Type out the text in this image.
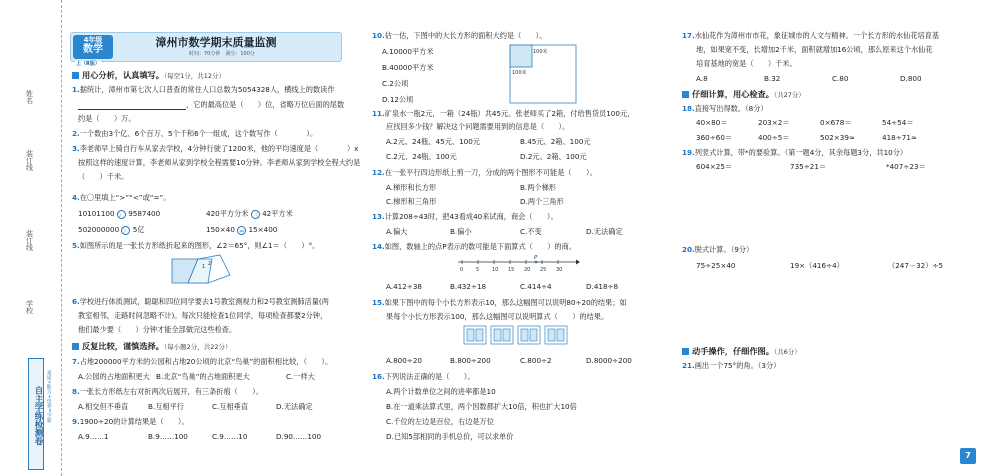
姓名
装订线
装订线
学校
自主学练检测卷 素质+能力+优秀=学霸
4年级
数学
上（R版）
漳州市数学期末质量监测
时间：70分钟　满分：100分
用心分析，认真填写。（每空1分，共12分）
1.据统计，漳州市第七次人口普查的常住人口总数为5054328人，横线上的数读作
，它的最高位是（　　）位，省略万位后面的尾数
约是（　　）万。
2.一个数由3个亿、6个百万、5个千和6个一组成，这个数写作（　　　　）。
3.李老师早上骑自行车从家去学校，4分钟行驶了1200米，他的平均速度是（　　　　）x
按照这样的速度计算，李老师从家到学校全程需要10分钟。李老师从家到学校全程大约是
（　　）千米。
4.在〇里填上“>”“<”或“=”。
10101100 〉 9587400	420平方分米 〈 42平方米
502000000 〉 5亿	150×40 = 15×400
5.如图所示的是一张长方形纸折起来的图形，∠2＝65°，则∠1＝（　　）°。
1 2
6.学校进行体质测试，聪聪和四位同学要去1号教室测视力和2号教室测肺活量(两
教室相邻，走路时间忽略不计)。每次只能检查1位同学，每项检查都要2分钟，
他们最少要（　　）分钟才能全部做完这些检查。
反复比较，谨慎选择。（每小题2分，共22分）
7.占地200000平方米的公园和占地20公顷的北京“鸟巢”的面积相比较，（　　）。
A.公园的占地面积更大 B.北京“鸟巢”的占地面积更大	C.一样大
8.一张长方形纸左右对折两次后展开，有三条折痕（　　）。
A.相交但不垂直	B.互相平行	C.互相垂直	D.无法确定
9.1900÷20的计算结果是（　　）。
A.9……1	B.9……100	C.9……10	D.90……100
10.估一估，下图中的大长方形的面积大约是（　　）。
A.10000平方米
B.40000平方米
C.2公顷
D.12公顷
100米
100米
11.矿泉水一瓶2元，一箱（24瓶）共45元。张老师买了2箱，付给售货员100元，
应找回多少钱？解决这个问题需要用到的信息是（　　）。
A.2元、24瓶、45元、100元	B.45元、2箱、100元
C.2元、24瓶、100元	D.2元、2箱、100元
12.在一张平行四边形纸上剪一刀，分成的两个图形不可能是（　　）。
A.梯形和长方形	B.两个梯形
C.梯形和三角形	D.两个三角形
13.计算208÷43时，把43看成40来试商，商会（　　）。
A.偏大	B.偏小	C.不变	D.无法确定
14.如图，数轴上的点P表示的数可能是下面算式（　　）的商。
0	5	10 15 20 25 30
P
A.412÷38	B.432÷18	C.414÷4	D.418÷8
15.如果下图中的每个小长方形表示10，那么这幅图可以说明80÷20的结果；如
果每个小长方形表示100，那么这幅图可以说明算式（　　）的结果。
A.800÷20	B.800÷200	C.800÷2	D.8000÷200
16.下列说法正确的是（　　）。
A.两个计数单位之间的进率都是10
B.在一道乘法算式里，两个因数都扩大10倍，积也扩大10倍
C.千位的左边是百位，右边是万位
D.已知5部相同的手机总价，可以求单价
17.水仙花作为漳州市市花，象征城市的人文与精神。一个长方形的水仙花培育基
地，如果宽不变，长增加2千米，面积就增加16公顷，那么原来这个水仙花
培育基地的宽是（　　）千米。
A.8	B.32	C.80	D.800
仔细计算，用心检查。（共27分）
18.直接写出得数。（8分）
40×80＝	203×2＝	0×678＝	54÷54＝
360÷60＝	400÷5＝	502×39≈	418÷71≈
19.列竖式计算，带*的要验算。（第一题4分，其余每题3分，共10分）
604×25＝	735÷21＝	*407÷23＝
20.脱式计算。（9分）
75÷25×40	19×（416÷4）	（247－32）÷5
动手操作，仔细作图。（共6分）
21.画出一个75°的角。（3分）
7
